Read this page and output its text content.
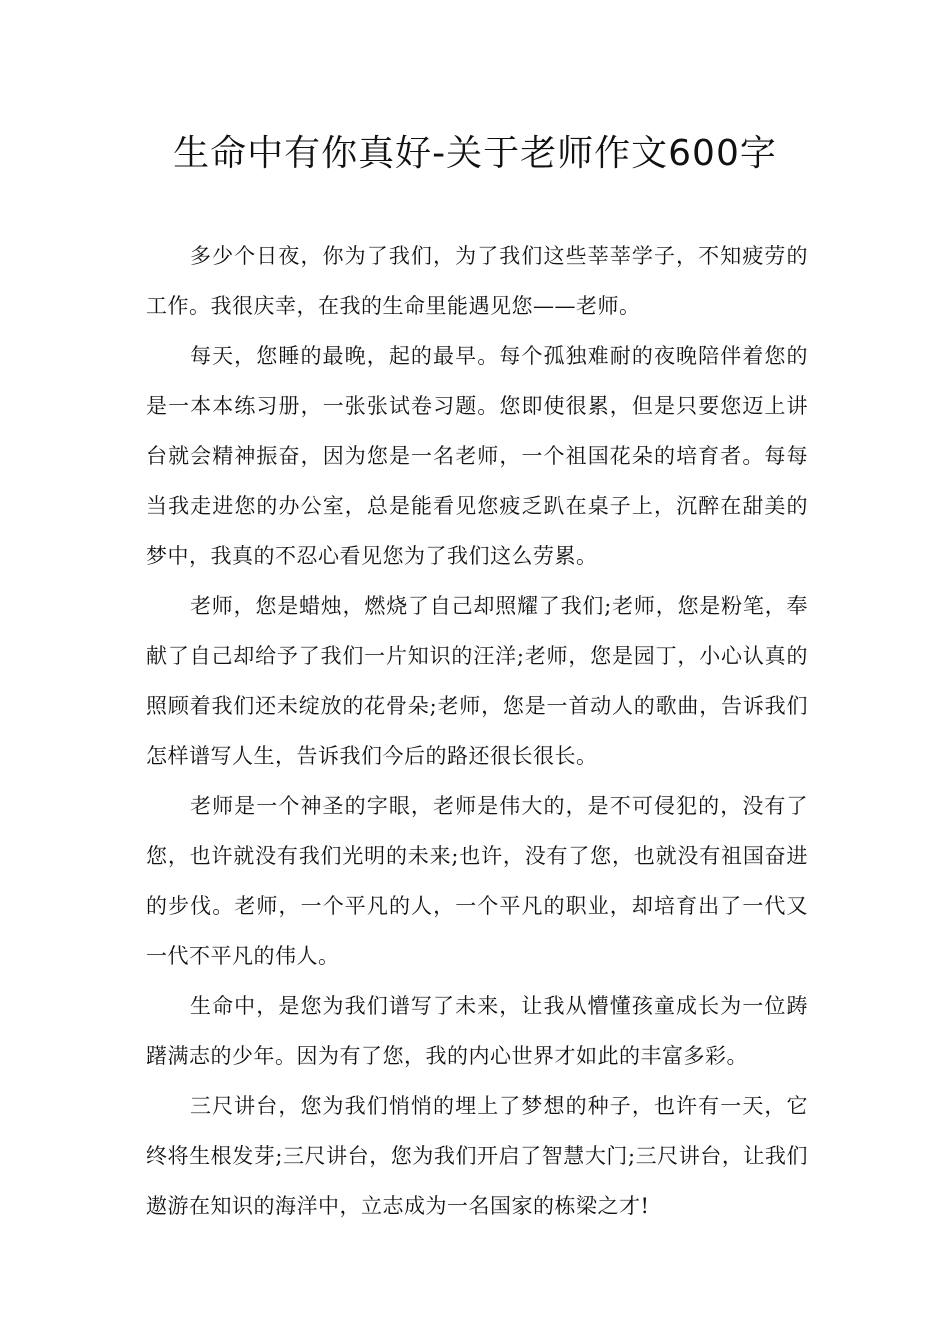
生命中有你真好-关于老师作文600字

多少个日夜，你为了我们，为了我们这些莘莘学子，不知疲劳的工作。我很庆幸，在我的生命里能遇见您——老师。

每天，您睡的最晚，起的最早。每个孤独难耐的夜晚陪伴着您的是一本本练习册，一张张试卷习题。您即使很累，但是只要您迈上讲台就会精神振奋，因为您是一名老师，一个祖国花朵的培育者。每每当我走进您的办公室，总是能看见您疲乏趴在桌子上，沉醉在甜美的梦中，我真的不忍心看见您为了我们这么劳累。

老师，您是蜡烛，燃烧了自己却照耀了我们;老师，您是粉笔，奉献了自己却给予了我们一片知识的汪洋;老师，您是园丁，小心认真的照顾着我们还未绽放的花骨朵;老师，您是一首动人的歌曲，告诉我们怎样谱写人生，告诉我们今后的路还很长很长。

老师是一个神圣的字眼，老师是伟大的，是不可侵犯的，没有了您，也许就没有我们光明的未来;也许，没有了您，也就没有祖国奋进的步伐。老师，一个平凡的人，一个平凡的职业，却培育出了一代又一代不平凡的伟人。

生命中，是您为我们谱写了未来，让我从懵懂孩童成长为一位踌躇满志的少年。因为有了您，我的内心世界才如此的丰富多彩。

三尺讲台，您为我们悄悄的埋上了梦想的种子，也许有一天，它终将生根发芽;三尺讲台，您为我们开启了智慧大门;三尺讲台，让我们遨游在知识的海洋中，立志成为一名国家的栋梁之才!
